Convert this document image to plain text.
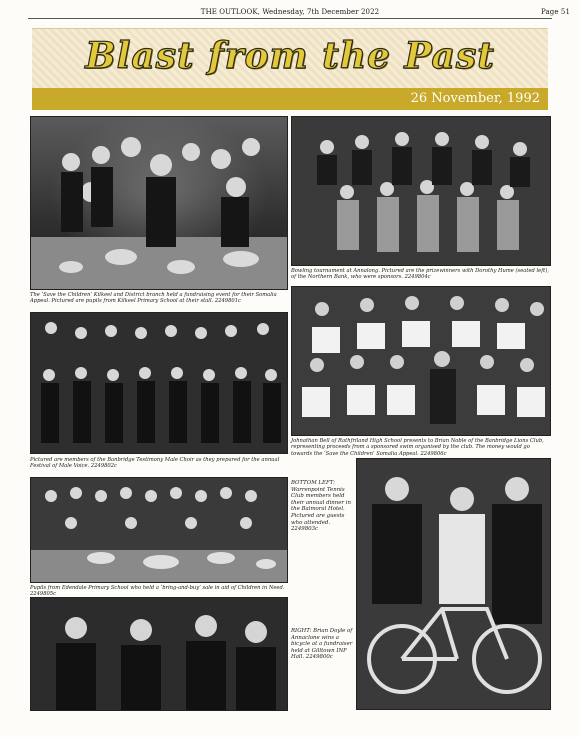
THE OUTLOOK, Wednesday, 7th December 2022	Page 51
Blast from the Past
26 November, 1992
The ‘Save the Children’ Kilkeel and District branch held a fundraising event for their Somalia Appeal. Pictured are pupils from Kilkeel Primary School at their stall. 2249801c
Bowling tournament at Annalong. Pictured are the prizewinners with Dorothy Hume (seated left), of the Northern Bank, who were sponsors. 2249804c
Pictured are members of the Banbridge Testimony Male Choir as they prepared for the annual Festival of Male Voice. 2249802c
Johnathan Bell of Rathfriland High School presents to Brian Noble of the Banbridge Lions Club, representing proceeds from a sponsored swim organised by the club. The money would go towards the ‘Save the Children’ Somalia Appeal. 2249806c
Pupils from Edendale Primary School who held a ‘bring-and-buy’ sale in aid of Children in Need. 2249805c
BOTTOM LEFT: Warrenpoint Tennis Club members held their annual dinner in the Balmoral Hotel. Pictured are guests who attended. 2249803c
RIGHT: Brian Doyle of Annaclone wins a bicycle at a fundraiser held at Gilltown INF Hall. 2249800c
